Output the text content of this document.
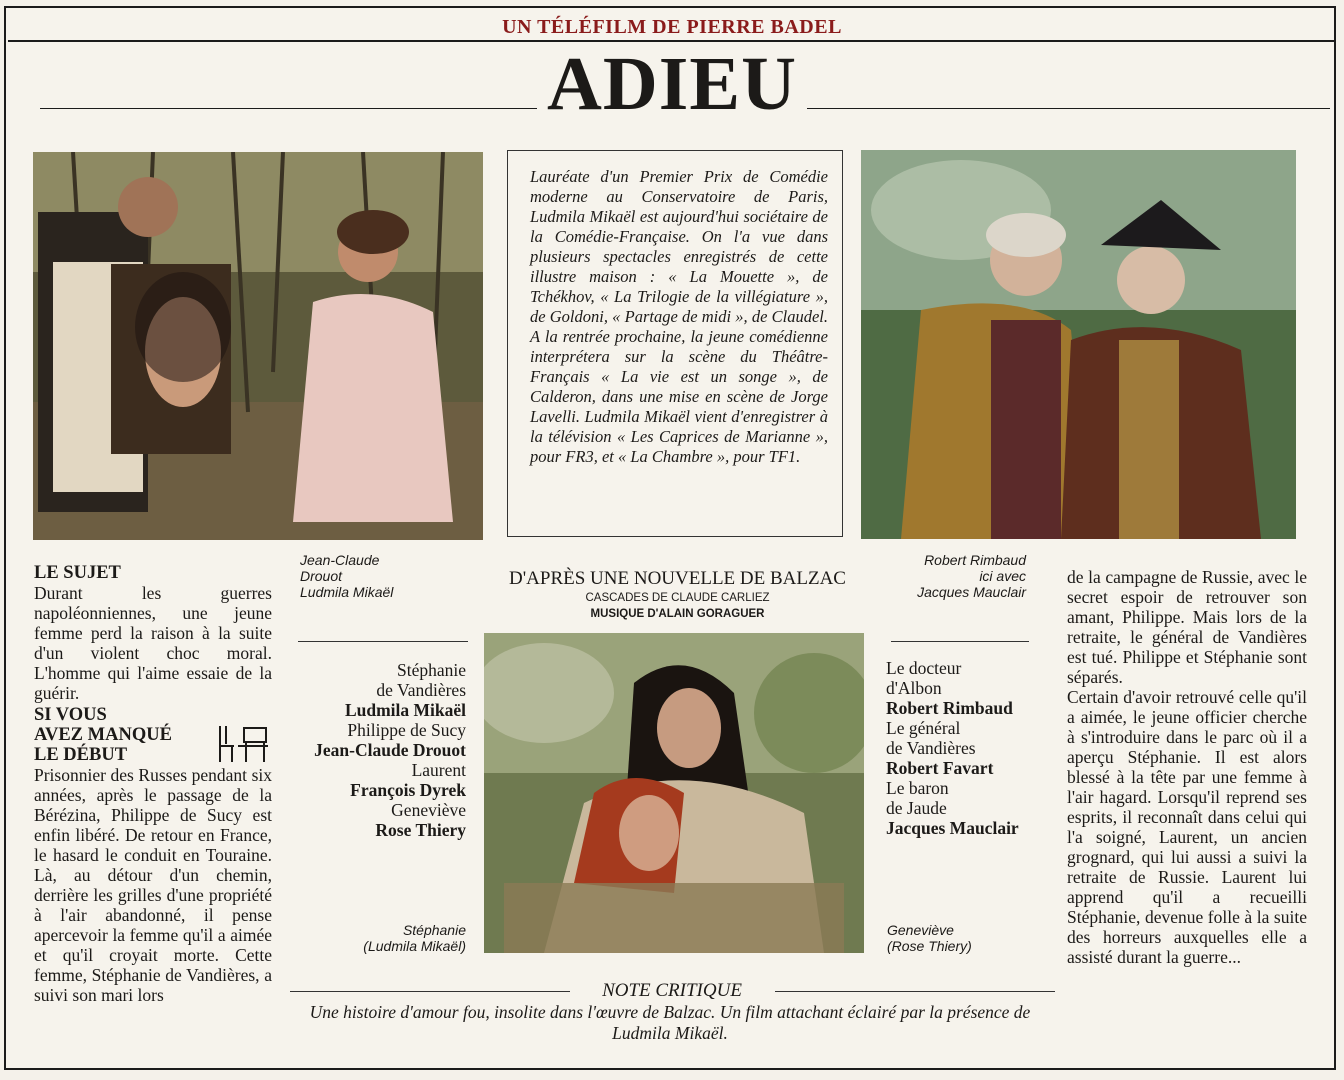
UN TÉLÉFILM DE PIERRE BADEL
ADIEU
Jean-Claude
Drouot
Ludmila Mikaël
Lauréate d'un Premier Prix de Comédie moderne au Conservatoire de Paris, Ludmila Mikaël est aujourd'hui sociétaire de la Comédie-Française. On l'a vue dans plusieurs spectacles enregistrés de cette illustre maison : « La Mouette », de Tchékhov, « La Trilogie de la villégiature », de Goldoni, « Partage de midi », de Claudel. A la rentrée prochaine, la jeune comédienne interprétera sur la scène du Théâtre-Français « La vie est un songe », de Calderon, dans une mise en scène de Jorge Lavelli. Ludmila Mikaël vient d'enregistrer à la télévision « Les Caprices de Marianne », pour FR3, et « La Chambre », pour TF1.
Robert Rimbaud
ici avec
Jacques Mauclair
LE SUJET
Durant les guerres napoléonniennes, une jeune femme perd la raison à la suite d'un violent choc moral. L'homme qui l'aime essaie de la guérir.
SI VOUS
AVEZ MANQUÉ
LE DÉBUT
Prisonnier des Russes pendant six années, après le passage de la Bérézina, Philippe de Sucy est enfin libéré. De retour en France, le hasard le conduit en Touraine. Là, au détour d'un chemin, derrière les grilles d'une propriété à l'air abandonné, il pense apercevoir la femme qu'il a aimée et qu'il croyait morte. Cette femme, Stéphanie de Vandières, a suivi son mari lors
D'APRÈS UNE NOUVELLE DE BALZAC
CASCADES DE CLAUDE CARLIEZ
MUSIQUE D'ALAIN GORAGUER
Stéphanie
de Vandières
Ludmila Mikaël
Philippe de Sucy
Jean-Claude Drouot
Laurent
François Dyrek
Geneviève
Rose Thiery
Stéphanie
(Ludmila Mikaël)
Geneviève
(Rose Thiery)
Le docteur
d'Albon
Robert Rimbaud
Le général
de Vandières
Robert Favart
Le baron
de Jaude
Jacques Mauclair
de la campagne de Russie, avec le secret espoir de retrouver son amant, Philippe. Mais lors de la retraite, le général de Vandières est tué. Philippe et Stéphanie sont séparés.
Certain d'avoir retrouvé celle qu'il a aimée, le jeune officier cherche à s'introduire dans le parc où il a aperçu Stéphanie. Il est alors blessé à la tête par une femme à l'air hagard. Lorsqu'il reprend ses esprits, il reconnaît dans celui qui l'a soigné, Laurent, un ancien grognard, qui lui aussi a suivi la retraite de Russie. Laurent lui apprend qu'il a recueilli Stéphanie, devenue folle à la suite des horreurs auxquelles elle a assisté durant la guerre...
NOTE CRITIQUE
Une histoire d'amour fou, insolite dans l'œuvre de Balzac. Un film attachant éclairé par la présence de Ludmila Mikaël.
